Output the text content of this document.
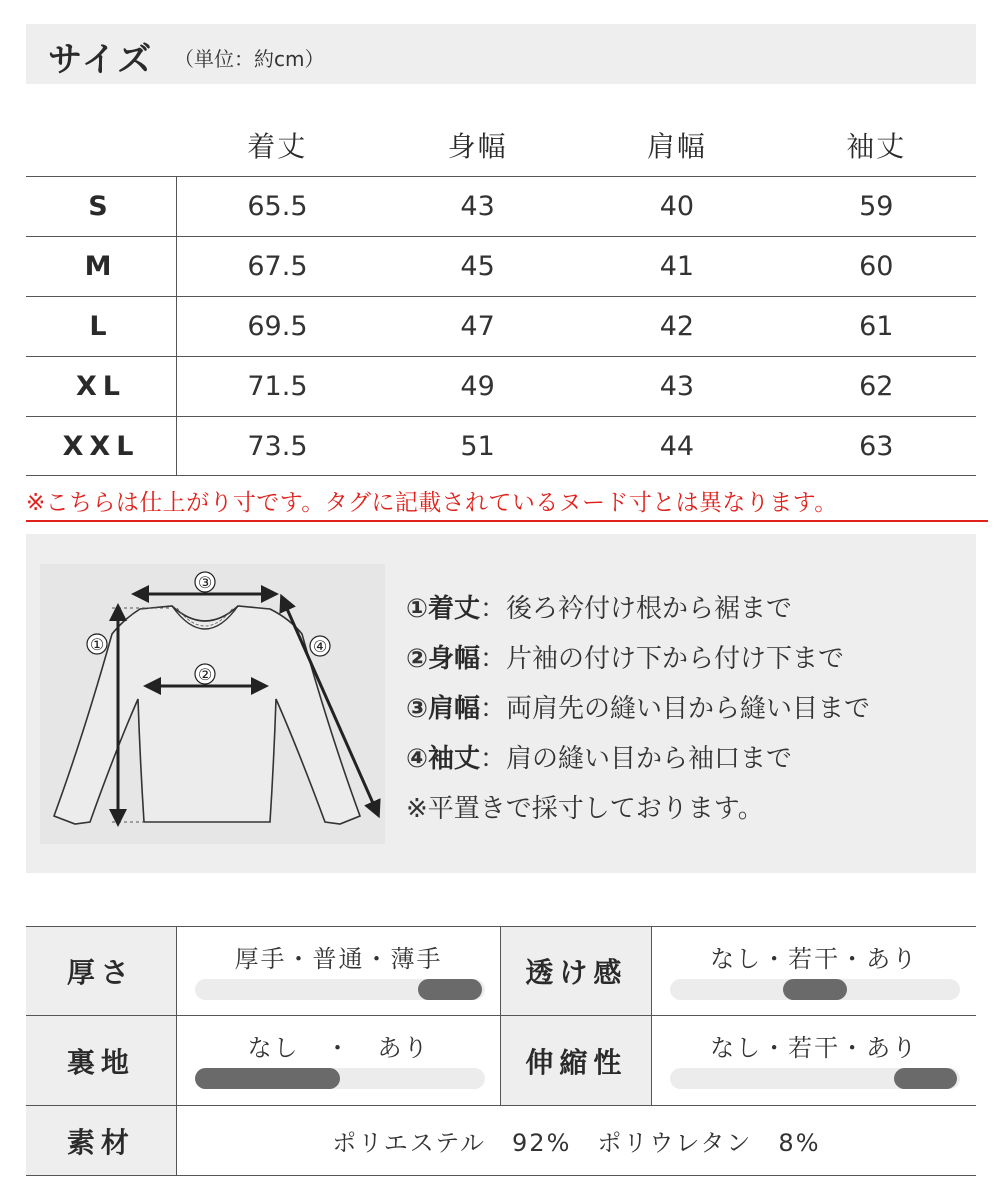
サイズ （単位：約cm）
	着丈	身幅	肩幅	袖丈
S	65.5	43	40	59
M	67.5	45	41	60
L	69.5	47	42	61
XL	71.5	49	43	62
XXL	73.5	51	44	63
※こちらは仕上がり寸です。タグに記載されているヌード寸とは異なります。
①
②
③
④
①着丈：後ろ衿付け根から裾まで
②身幅：片袖の付け下から付け下まで
③肩幅：両肩先の縫い目から縫い目まで
④袖丈：肩の縫い目から袖口まで
※平置きで採寸しております。
厚さ	厚手・普通・薄手	透け感	なし・若干・あり

裏地	なし　・　あり	伸縮性	なし・若干・あり

素材	ポリエステル　92%　ポリウレタン　8%		
